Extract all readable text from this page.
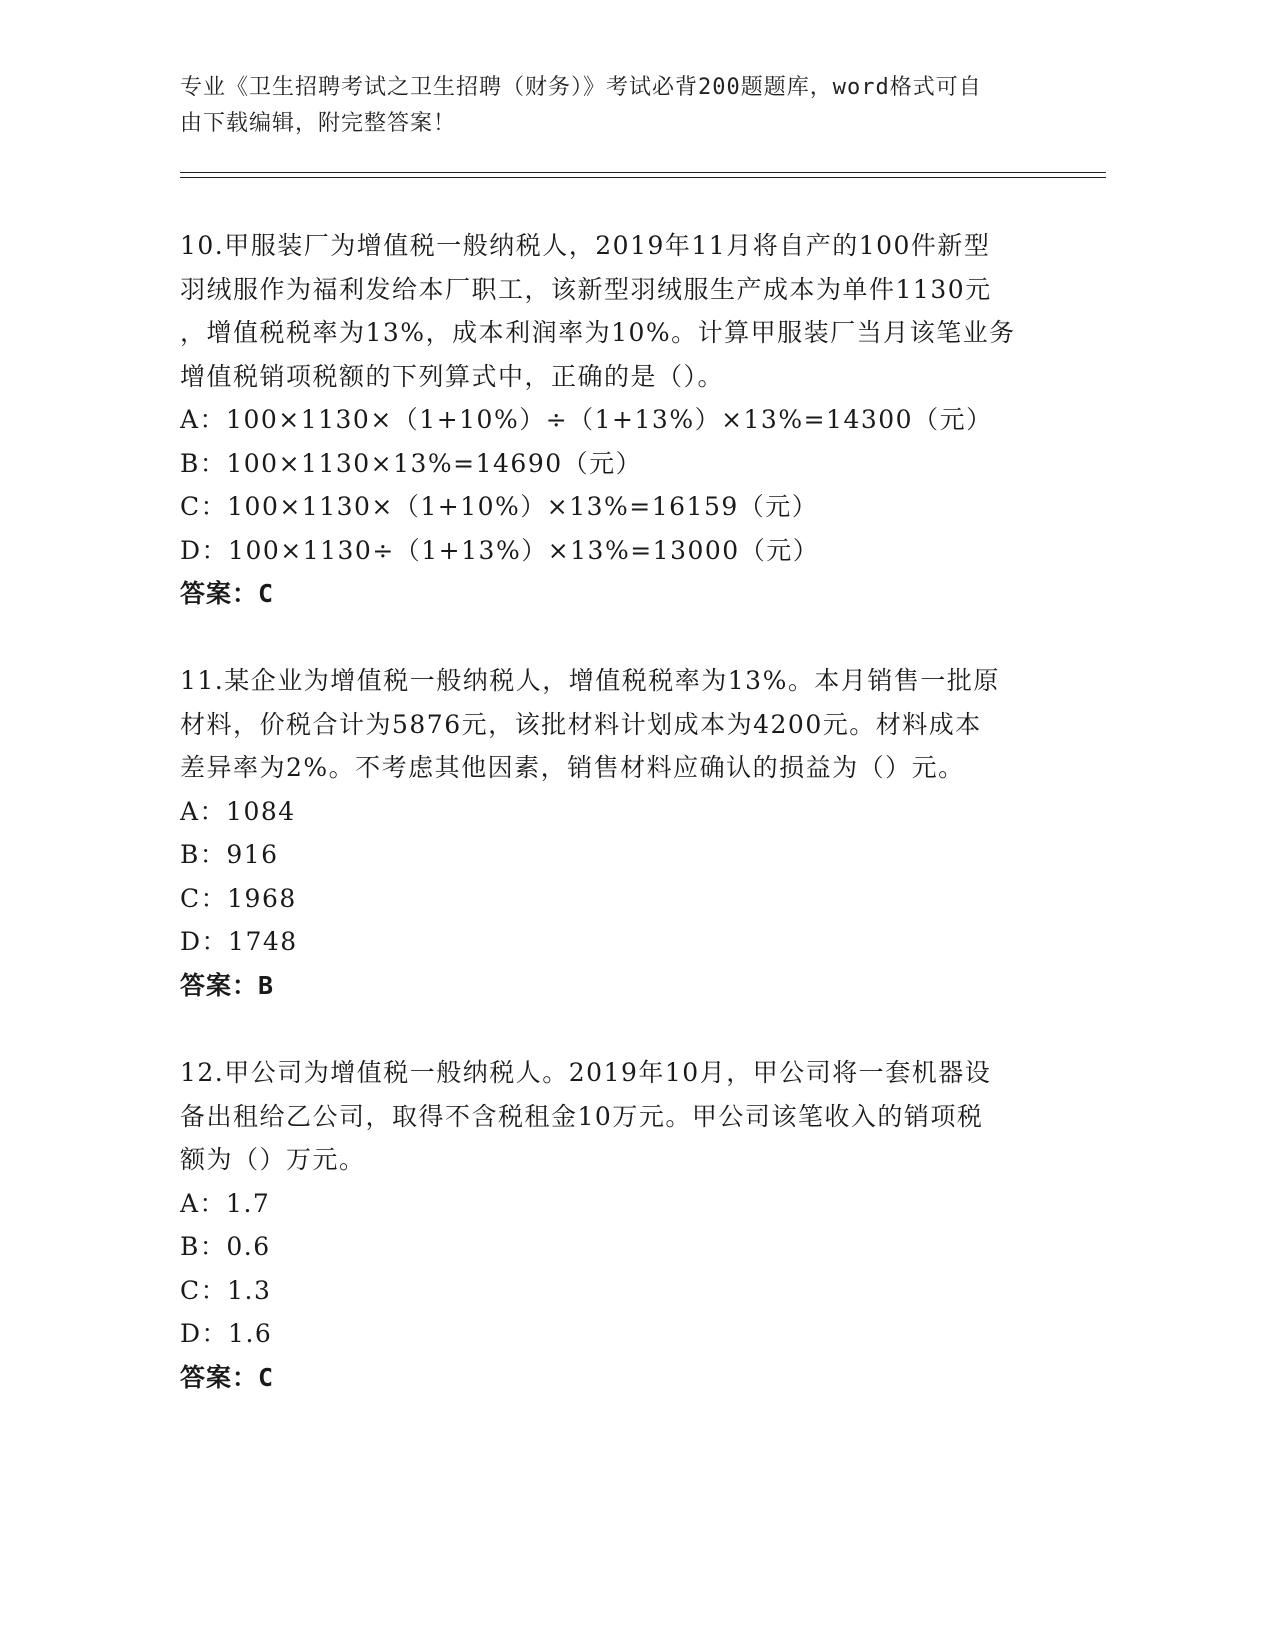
专业《卫生招聘考试之卫生招聘（财务）》考试必背200题题库，word格式可自
由下载编辑，附完整答案！

10.甲服装厂为增值税一般纳税人，2019年11月将自产的100件新型

羽绒服作为福利发给本厂职工，该新型羽绒服生产成本为单件1130元

，增值税税率为13%，成本利润率为10%。计算甲服装厂当月该笔业务

增值税销项税额的下列算式中，正确的是（）。

A：100×1130×（1+10%）÷（1+13%）×13%=14300（元）

B：100×1130×13%=14690（元）

C：100×1130×（1+10%）×13%=16159（元）

D：100×1130÷（1+13%）×13%=13000（元）

答案：C

11.某企业为增值税一般纳税人，增值税税率为13%。本月销售一批原

材料，价税合计为5876元，该批材料计划成本为4200元。材料成本

差异率为2%。不考虑其他因素，销售材料应确认的损益为（）元。

A：1084

B：916

C：1968

D：1748

答案：B

12.甲公司为增值税一般纳税人。2019年10月，甲公司将一套机器设

备出租给乙公司，取得不含税租金10万元。甲公司该笔收入的销项税

额为（）万元。

A：1.7

B：0.6

C：1.3

D：1.6

答案：C
